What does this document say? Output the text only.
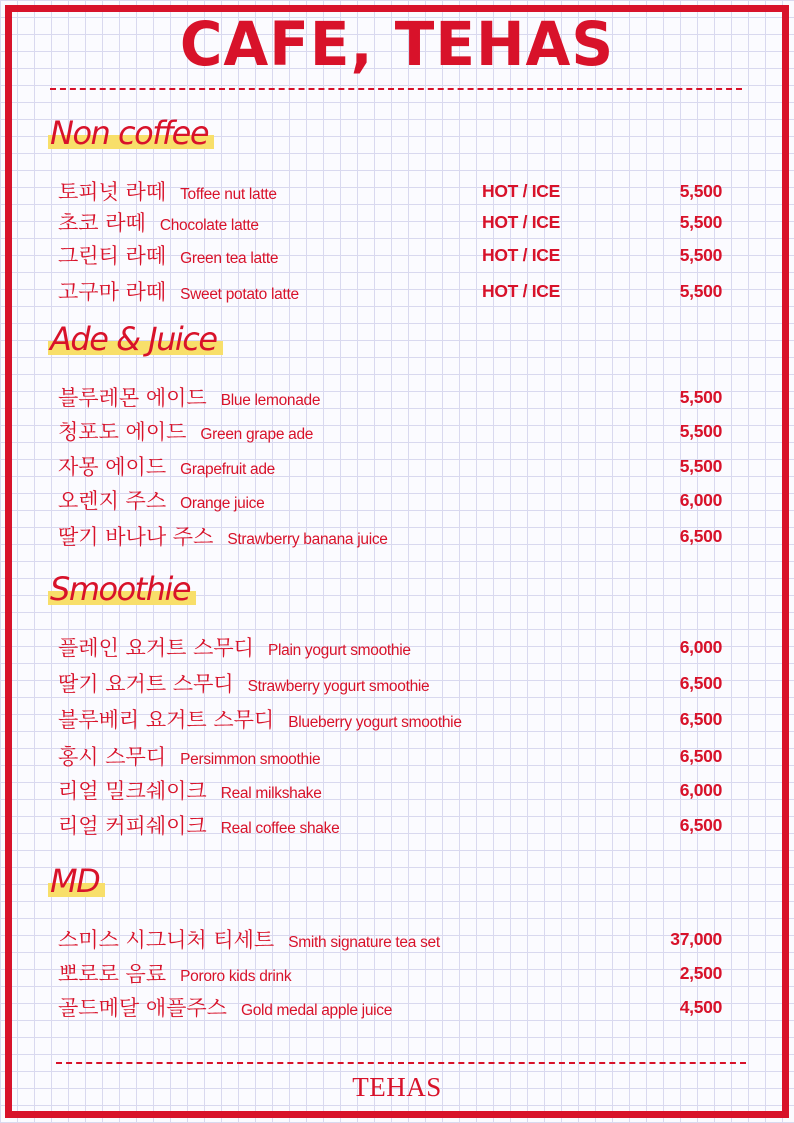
CAFE, TEHAS
Non coffee
토피넛 라떼 Toffee nut latte	HOT / ICE	5,500
초코 라떼 Chocolate latte	HOT / ICE	5,500
그린티 라떼 Green tea latte	HOT / ICE	5,500
고구마 라떼 Sweet potato latte	HOT / ICE	5,500
Ade & Juice
블루레몬 에이드 Blue lemonade	5,500
청포도 에이드 Green grape ade	5,500
자몽 에이드 Grapefruit ade	5,500
오렌지 주스 Orange juice	6,000
딸기 바나나 주스 Strawberry banana juice	6,500
Smoothie
플레인 요거트 스무디 Plain yogurt smoothie	6,000
딸기 요거트 스무디 Strawberry yogurt smoothie	6,500
블루베리 요거트 스무디 Blueberry yogurt smoothie	6,500
홍시 스무디 Persimmon smoothie	6,500
리얼 밀크쉐이크 Real milkshake	6,000
리얼 커피쉐이크 Real coffee shake	6,500
MD
스미스 시그니처 티세트 Smith signature tea set	37,000
뽀로로 음료 Pororo kids drink	2,500
골드메달 애플주스 Gold medal apple juice	4,500
TEHAS
